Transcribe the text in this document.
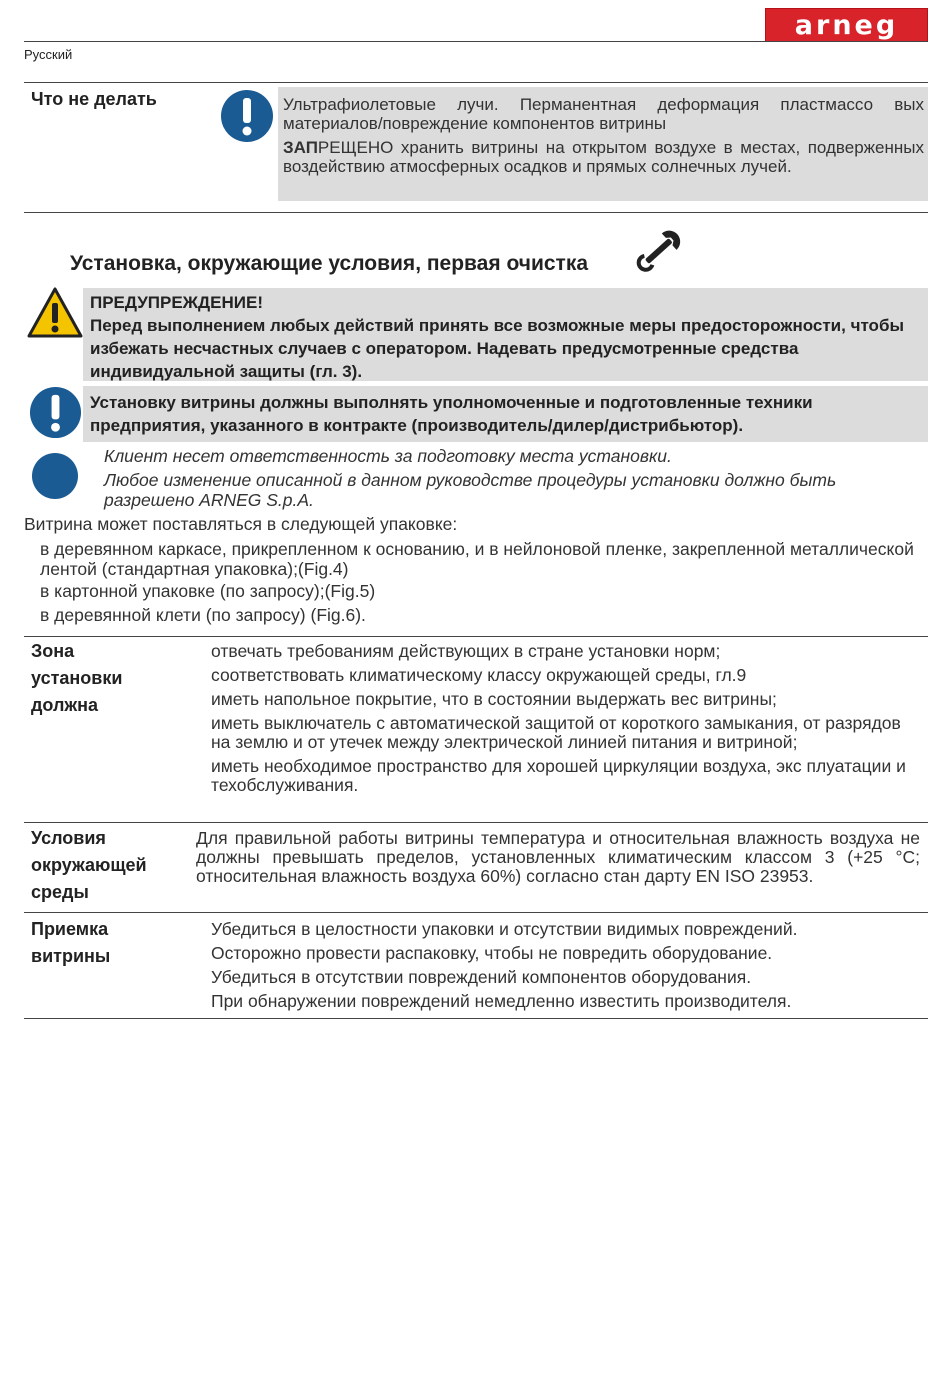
arneg
Русский
Что не делать	Ультрафиолетовые лучи. Перманентная деформация пластмассо вых материалов/повреждение компонентов витрины
ЗАПРЕЩЕНО хранить витрины на открытом воздухе в местах, подверженных воздействию атмосферных осадков и прямых солнечных лучей.
Установка, окружающие условия, первая очистка
ПРЕДУПРЕЖДЕНИЕ!
Перед выполнением любых действий принять все возможные меры предосторожности, чтобы избежать несчастных случаев с оператором. Надевать предусмотренные средства индивидуальной защиты (гл. 3).
Установку витрины должны выполнять уполномоченные и подготовленные техники предприятия, указанного в контракте (производитель/дилер/дистрибьютор).
Клиент несет ответственность за подготовку места установки.
Любое изменение описанной в данном руководстве процедуры установки должно быть разрешено ARNEG S.p.A.
Витрина может поставляться в следующей упаковке:
в деревянном каркасе, прикрепленном к основанию, и в нейлоновой пленке, закрепленной металлической лентой (стандартная упаковка);(Fig.4)
в картонной упаковке (по запросу);(Fig.5)
в деревянной клети (по запросу) (Fig.6).
Зона
установки
должна
отвечать требованиям действующих в стране установки норм;
соответствовать климатическому классу окружающей среды, гл.9
иметь напольное покрытие, что в состоянии выдержать вес витрины;
иметь выключатель с автоматической защитой от короткого замыкания, от разрядов на землю и от утечек между электрической линией питания и витриной;
иметь необходимое пространство для хорошей циркуляции воздуха, экс плуатации и техобслуживания.
Условия
окружающей
среды
Для правильной работы витрины температура и относительная влажность воздуха не должны превышать пределов, установленных климатическим классом 3 (+25 °C; относительная влажность воздуха 60%) согласно стан дарту EN ISO 23953.
Приемка
витрины
Убедиться в целостности упаковки и отсутствии видимых повреждений.
Осторожно провести распаковку, чтобы не повредить оборудование.
Убедиться в отсутствии повреждений компонентов оборудования.
При обнаружении повреждений немедленно известить производителя.
